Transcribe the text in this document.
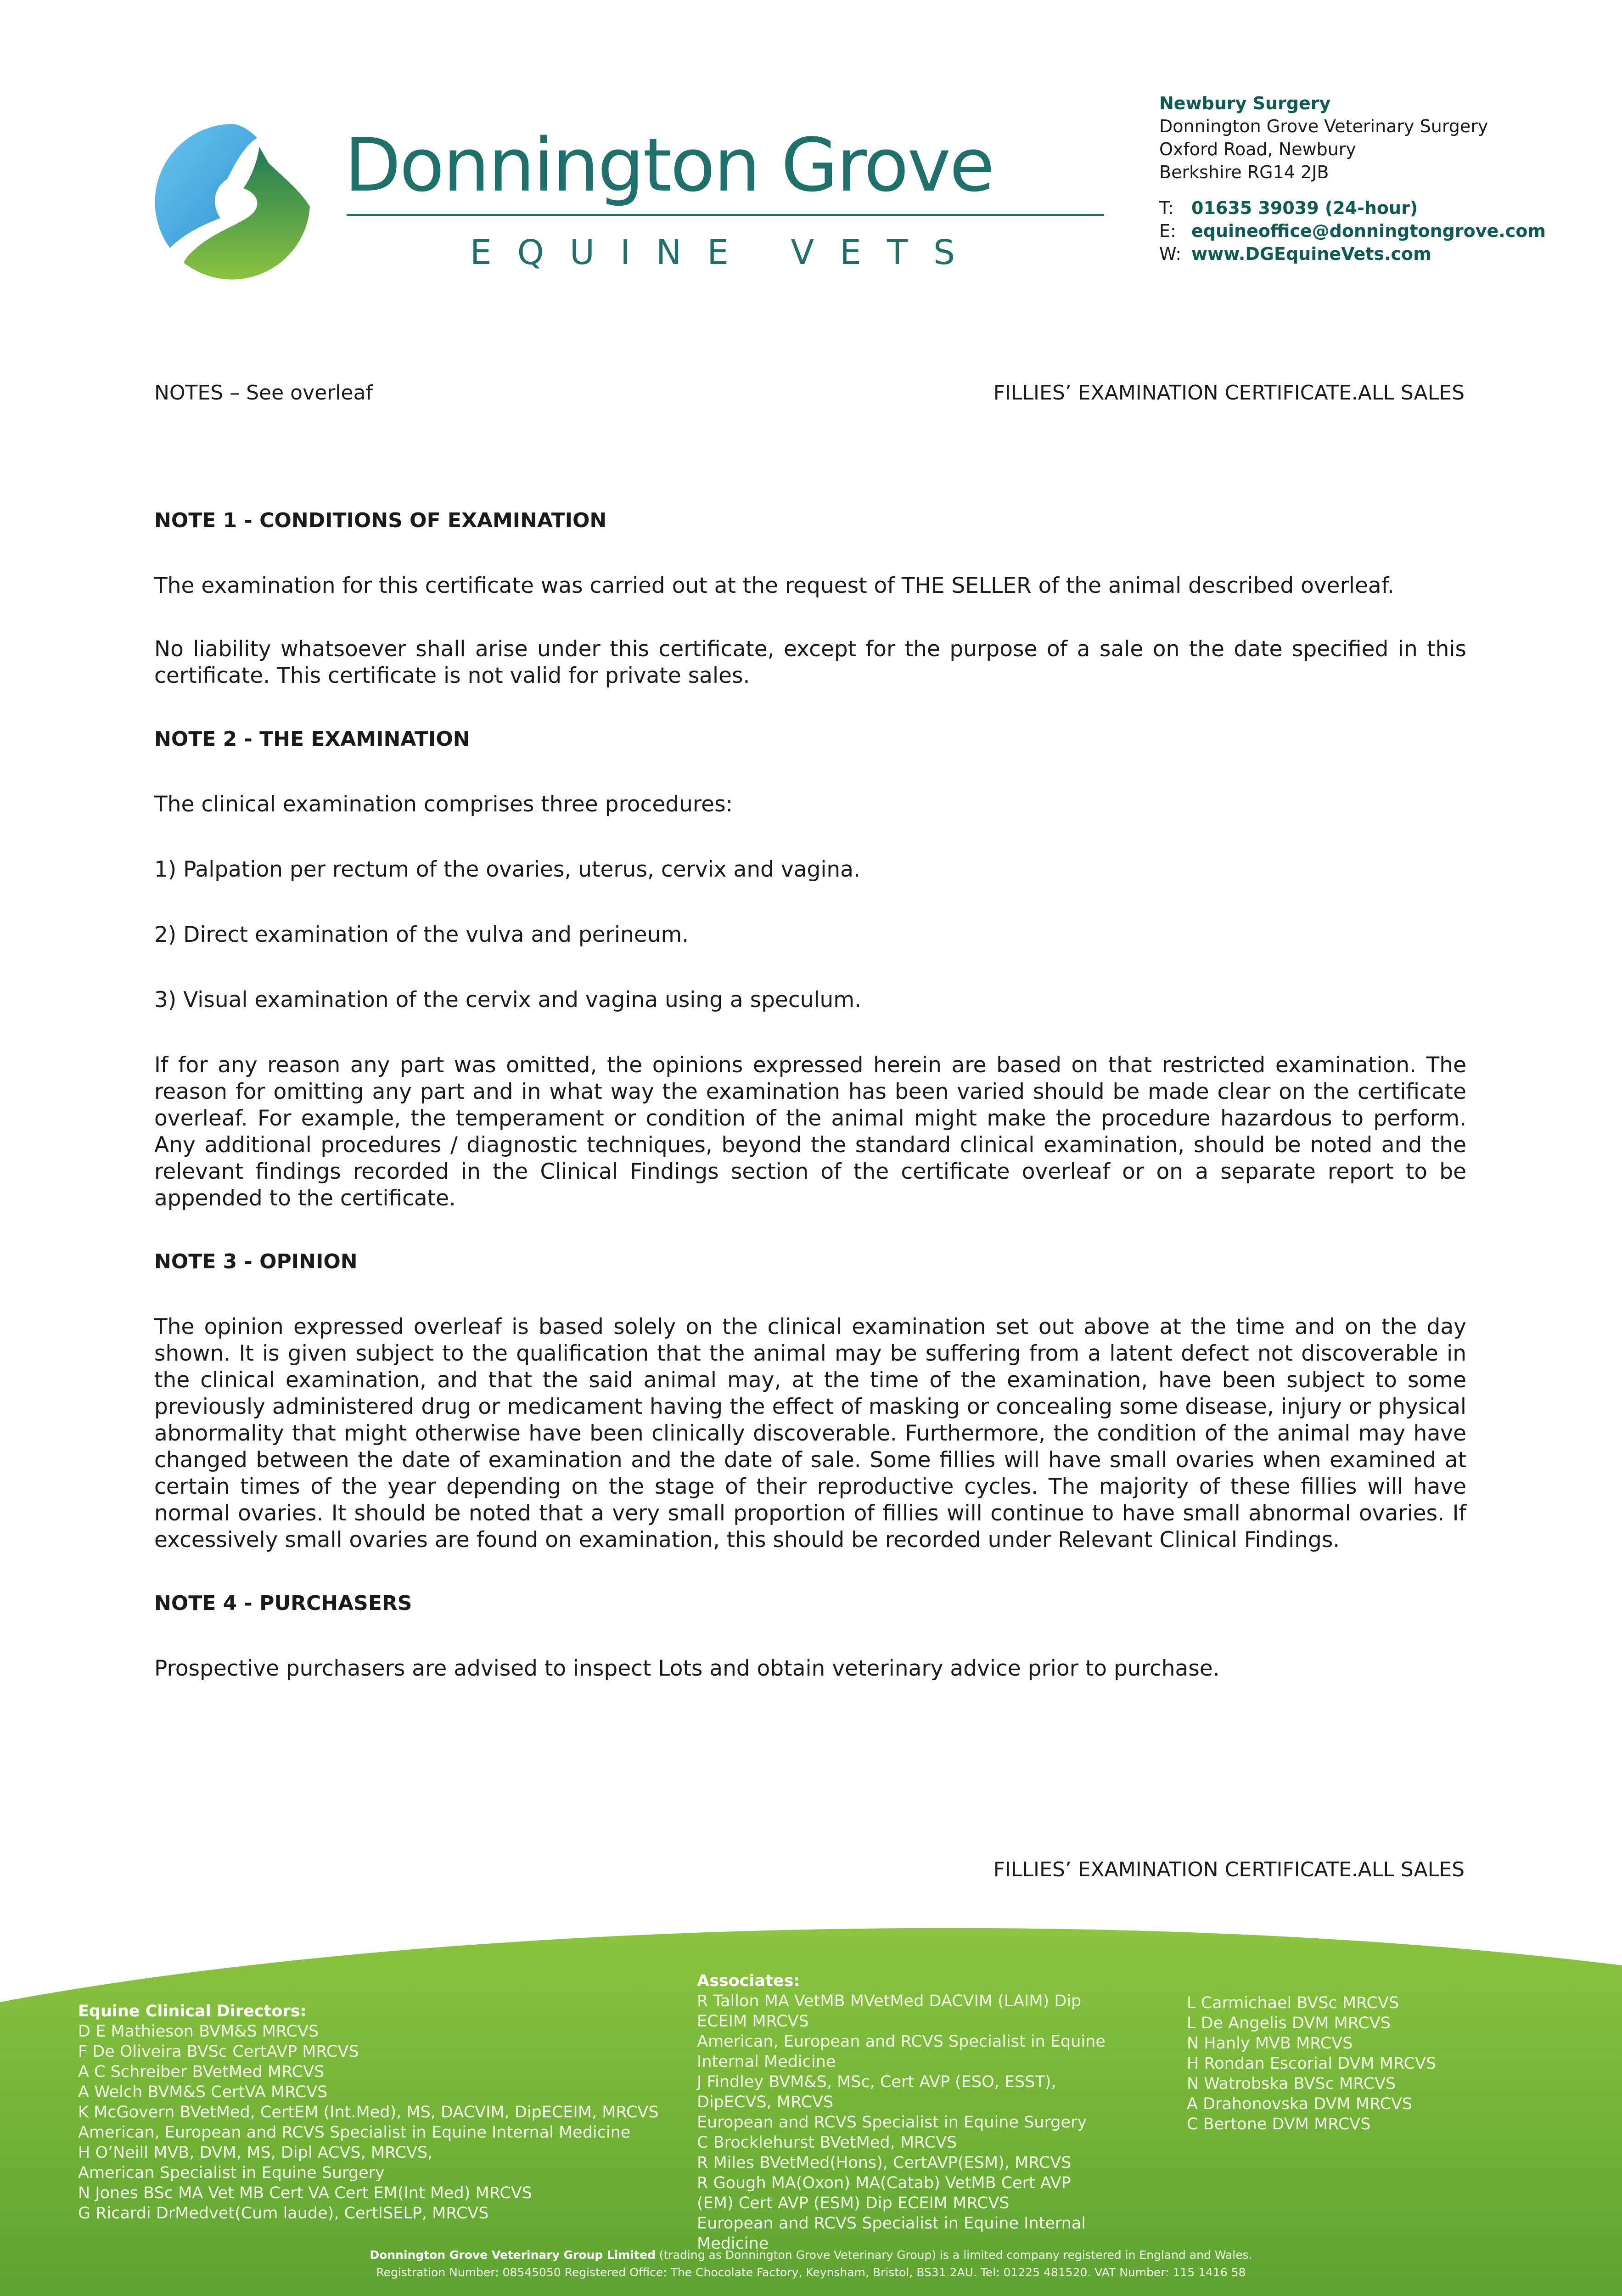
Donnington Grove
EQUINE VETS
Newbury Surgery
Donnington Grove Veterinary Surgery
Oxford Road, Newbury
Berkshire RG14 2JB
T:	01635 39039 (24-hour)
E: equineoffice@donningtongrove.com
W: www.DGEquineVets.com
NOTES – See overleaf	FILLIES’ EXAMINATION CERTIFICATE.ALL SALES

NOTE 1 - CONDITIONS OF EXAMINATION

The examination for this certificate was carried out at the request of THE SELLER of the animal described overleaf.

No liability whatsoever shall arise under this certificate, except for the purpose of a sale on the date specified in this certificate. This certificate is not valid for private sales.

NOTE 2 - THE EXAMINATION

The clinical examination comprises three procedures:

1) Palpation per rectum of the ovaries, uterus, cervix and vagina.

2) Direct examination of the vulva and perineum.

3) Visual examination of the cervix and vagina using a speculum.

If for any reason any part was omitted, the opinions expressed herein are based on that restricted examination. The reason for omitting any part and in what way the examination has been varied should be made clear on the certificate overleaf. For example, the temperament or condition of the animal might make the procedure hazardous to perform. Any additional procedures / diagnostic techniques, beyond the standard clinical examination, should be noted and the relevant findings recorded in the Clinical Findings section of the certificate overleaf or on a separate report to be appended to the certificate.

NOTE 3 - OPINION

The opinion expressed overleaf is based solely on the clinical examination set out above at the time and on the day shown. It is given subject to the qualification that the animal may be suffering from a latent defect not discoverable in the clinical examination, and that the said animal may, at the time of the examination, have been subject to some previously administered drug or medicament having the effect of masking or concealing some disease, injury or physical abnormality that might otherwise have been clinically discoverable. Furthermore, the condition of the animal may have changed between the date of examination and the date of sale. Some fillies will have small ovaries when examined at certain times of the year depending on the stage of their reproductive cycles. The majority of these fillies will have normal ovaries. It should be noted that a very small proportion of fillies will continue to have small abnormal ovaries. If excessively small ovaries are found on examination, this should be recorded under Relevant Clinical Findings.

NOTE 4 - PURCHASERS

Prospective purchasers are advised to inspect Lots and obtain veterinary advice prior to purchase.

FILLIES’ EXAMINATION CERTIFICATE.ALL SALES
Equine Clinical Directors:
D E Mathieson BVM&S MRCVS
F De Oliveira BVSc CertAVP MRCVS
A C Schreiber BVetMed MRCVS
A Welch BVM&S CertVA MRCVS
K McGovern BVetMed, CertEM (Int.Med), MS, DACVIM, DipECEIM, MRCVS
American, European and RCVS Specialist in Equine Internal Medicine
H O’Neill MVB, DVM, MS, Dipl ACVS, MRCVS,
American Specialist in Equine Surgery
N Jones BSc MA Vet MB Cert VA Cert EM(Int Med) MRCVS
G Ricardi DrMedvet(Cum laude), CertISELP, MRCVS
Associates:
R Tallon MA VetMB MVetMed DACVIM (LAIM) Dip
ECEIM MRCVS
American, European and RCVS Specialist in Equine
Internal Medicine
J Findley BVM&S, MSc, Cert AVP (ESO, ESST),
DipECVS, MRCVS
European and RCVS Specialist in Equine Surgery
C Brocklehurst BVetMed, MRCVS
R Miles BVetMed(Hons), CertAVP(ESM), MRCVS
R Gough MA(Oxon) MA(Catab) VetMB Cert AVP
(EM) Cert AVP (ESM) Dip ECEIM MRCVS
European and RCVS Specialist in Equine Internal
Medicine
L Carmichael BVSc MRCVS
L De Angelis DVM MRCVS
N Hanly MVB MRCVS
H Rondan Escorial DVM MRCVS
N Watrobska BVSc MRCVS
A Drahonovska DVM MRCVS
C Bertone DVM MRCVS
Donnington Grove Veterinary Group Limited (trading as Donnington Grove Veterinary Group) is a limited company registered in England and Wales.
Registration Number: 08545050 Registered Office: The Chocolate Factory, Keynsham, Bristol, BS31 2AU. Tel: 01225 481520. VAT Number: 115 1416 58
